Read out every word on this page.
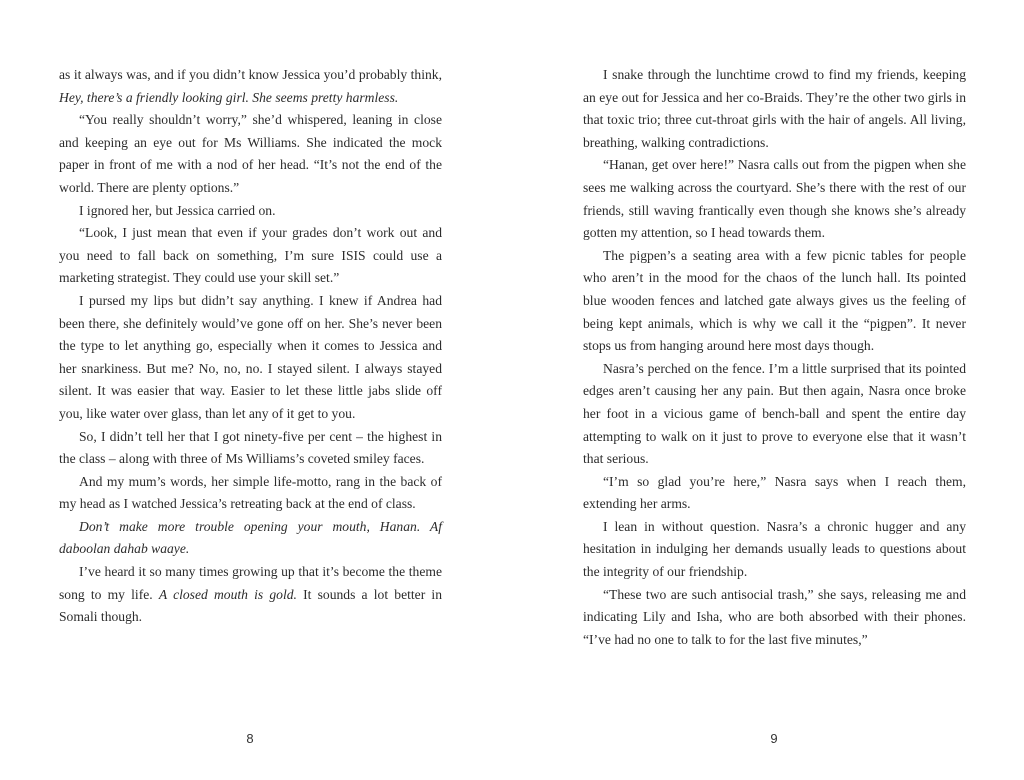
as it always was, and if you didn’t know Jessica you’d probably think, Hey, there’s a friendly looking girl. She seems pretty harmless.

“You really shouldn’t worry,” she’d whispered, leaning in close and keeping an eye out for Ms Williams. She indicated the mock paper in front of me with a nod of her head. “It’s not the end of the world. There are plenty options.”

I ignored her, but Jessica carried on.

“Look, I just mean that even if your grades don’t work out and you need to fall back on something, I’m sure ISIS could use a marketing strategist. They could use your skill set.”

I pursed my lips but didn’t say anything. I knew if Andrea had been there, she definitely would’ve gone off on her. She’s never been the type to let anything go, especially when it comes to Jessica and her snarkiness. But me? No, no, no. I stayed silent. I always stayed silent. It was easier that way. Easier to let these little jabs slide off you, like water over glass, than let any of it get to you.

So, I didn’t tell her that I got ninety-five per cent – the highest in the class – along with three of Ms Williams’s coveted smiley faces.

And my mum’s words, her simple life-motto, rang in the back of my head as I watched Jessica’s retreating back at the end of class.

Don’t make more trouble opening your mouth, Hanan. Af daboolan dahab waaye.

I’ve heard it so many times growing up that it’s become the theme song to my life. A closed mouth is gold. It sounds a lot better in Somali though.

I snake through the lunchtime crowd to find my friends, keeping an eye out for Jessica and her co-Braids. They’re the other two girls in that toxic trio; three cut-throat girls with the hair of angels. All living, breathing, walking contradictions.

“Hanan, get over here!” Nasra calls out from the pigpen when she sees me walking across the courtyard. She’s there with the rest of our friends, still waving frantically even though she knows she’s already gotten my attention, so I head towards them.

The pigpen’s a seating area with a few picnic tables for people who aren’t in the mood for the chaos of the lunch hall. Its pointed blue wooden fences and latched gate always gives us the feeling of being kept animals, which is why we call it the “pigpen”. It never stops us from hanging around here most days though.

Nasra’s perched on the fence. I’m a little surprised that its pointed edges aren’t causing her any pain. But then again, Nasra once broke her foot in a vicious game of bench-ball and spent the entire day attempting to walk on it just to prove to everyone else that it wasn’t that serious.

“I’m so glad you’re here,” Nasra says when I reach them, extending her arms.

I lean in without question. Nasra’s a chronic hugger and any hesitation in indulging her demands usually leads to questions about the integrity of our friendship.

“These two are such antisocial trash,” she says, releasing me and indicating Lily and Isha, who are both absorbed with their phones. “I’ve had no one to talk to for the last five minutes,”

8	9
